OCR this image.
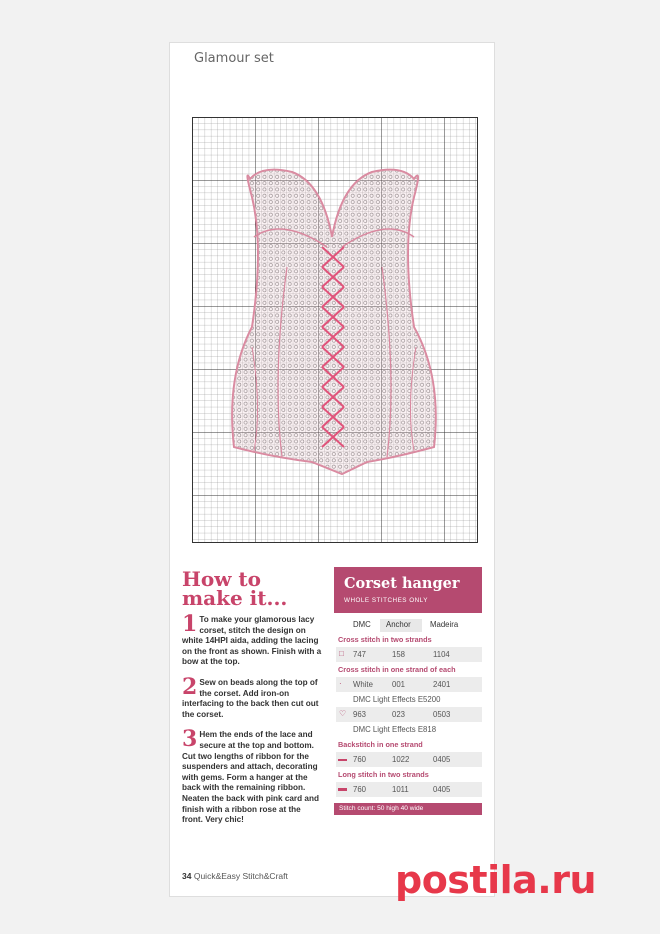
Glamour set
How to make it...
1 To make your glamorous lacy corset, stitch the design on white 14HPI aida, adding the lacing on the front as shown. Finish with a bow at the top.
2 Sew on beads along the top of the corset. Add iron-on interfacing to the back then cut out the corset.
3 Hem the ends of the lace and secure at the top and bottom. Cut two lengths of ribbon for the suspenders and attach, decorating with gems. Form a hanger at the back with the remaining ribbon. Neaten the back with pink card and finish with a ribbon rose at the front. Very chic!
Corset hanger
WHOLE STITCHES ONLY
DMC Anchor Madeira
Cross stitch in two strands
□ 747	158	1104
Cross stitch in one strand of each
· White 001	2401
DMC Light Effects E5200
♡ 963	023	0503
DMC Light Effects E818
Backstitch in one strand
760	1022	0405
Long stitch in two strands
760	1011	0405
Stitch count: 50 high 40 wide
34 Quick&Easy Stitch&Craft	postila.ru
